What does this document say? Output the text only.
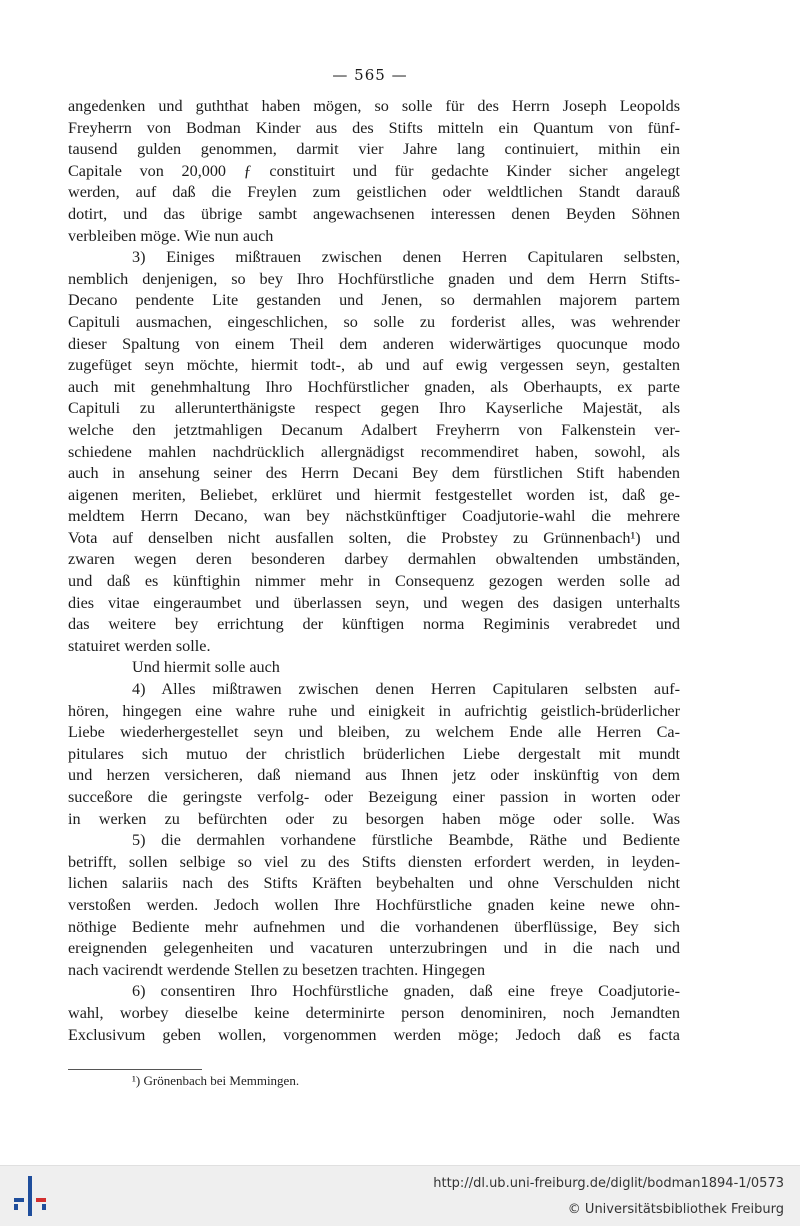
— 565 —
angedenken und guththat haben mögen, so solle für des Herrn Joseph Leopolds
Freyherrn von Bodman Kinder aus des Stifts mitteln ein Quantum von fünf-
tausend gulden genommen, darmit vier Jahre lang continuiert, mithin ein
Capitale von 20,000 ƒ constituirt und für gedachte Kinder sicher angelegt
werden, auf daß die Freylen zum geistlichen oder weldtlichen Standt darauß
dotirt, und das übrige sambt angewachsenen interessen denen Beyden Söhnen
verbleiben möge. Wie nun auch
3) Einiges mißtrauen zwischen denen Herren Capitularen selbsten,
nemblich denjenigen, so bey Ihro Hochfürstliche gnaden und dem Herrn Stifts-
Decano pendente Lite gestanden und Jenen, so dermahlen majorem partem
Capituli ausmachen, eingeschlichen, so solle zu forderist alles, was wehrender
dieser Spaltung von einem Theil dem anderen widerwärtiges quocunque modo
zugefüget seyn möchte, hiermit todt-, ab und auf ewig vergessen seyn, gestalten
auch mit genehmhaltung Ihro Hochfürstlicher gnaden, als Oberhaupts, ex parte
Capituli zu allerunterthänigste respect gegen Ihro Kayserliche Majestät, als
welche den jetztmahligen Decanum Adalbert Freyherrn von Falkenstein ver-
schiedene mahlen nachdrücklich allergnädigst recommendiret haben, sowohl, als
auch in ansehung seiner des Herrn Decani Bey dem fürstlichen Stift habenden
aigenen meriten, Beliebet, erklüret und hiermit festgestellet worden ist, daß ge-
meldtem Herrn Decano, wan bey nächstkünftiger Coadjutorie-wahl die mehrere
Vota auf denselben nicht ausfallen solten, die Probstey zu Grünnenbach¹) und
zwaren wegen deren besonderen darbey dermahlen obwaltenden umbständen,
und daß es künftighin nimmer mehr in Consequenz gezogen werden solle ad
dies vitae eingeraumbet und überlassen seyn, und wegen des dasigen unterhalts
das weitere bey errichtung der künftigen norma Regiminis verabredet und
statuiret werden solle.
Und hiermit solle auch
4) Alles mißtrawen zwischen denen Herren Capitularen selbsten auf-
hören, hingegen eine wahre ruhe und einigkeit in aufrichtig geistlich-brüderlicher
Liebe wiederhergestellet seyn und bleiben, zu welchem Ende alle Herren Ca-
pitulares sich mutuo der christlich brüderlichen Liebe dergestalt mit mundt
und herzen versicheren, daß niemand aus Ihnen jetz oder inskünftig von dem
succeßore die geringste verfolg- oder Bezeigung einer passion in worten oder
in werken zu befürchten oder zu besorgen haben möge oder solle. Was
5) die dermahlen vorhandene fürstliche Beambde, Räthe und Bediente
betrifft, sollen selbige so viel zu des Stifts diensten erfordert werden, in leyden-
lichen salariis nach des Stifts Kräften beybehalten und ohne Verschulden nicht
verstoßen werden. Jedoch wollen Ihre Hochfürstliche gnaden keine newe ohn-
nöthige Bediente mehr aufnehmen und die vorhandenen überflüssige, Bey sich
ereignenden gelegenheiten und vacaturen unterzubringen und in die nach und
nach vacirendt werdende Stellen zu besetzen trachten. Hingegen
6) consentiren Ihro Hochfürstliche gnaden, daß eine freye Coadjutorie-
wahl, worbey dieselbe keine determinirte person denominiren, noch Jemandten
Exclusivum geben wollen, vorgenommen werden möge; Jedoch daß es facta
¹) Grönenbach bei Memmingen.
http://dl.ub.uni-freiburg.de/diglit/bodman1894-1/0573
© Universitätsbibliothek Freiburg
